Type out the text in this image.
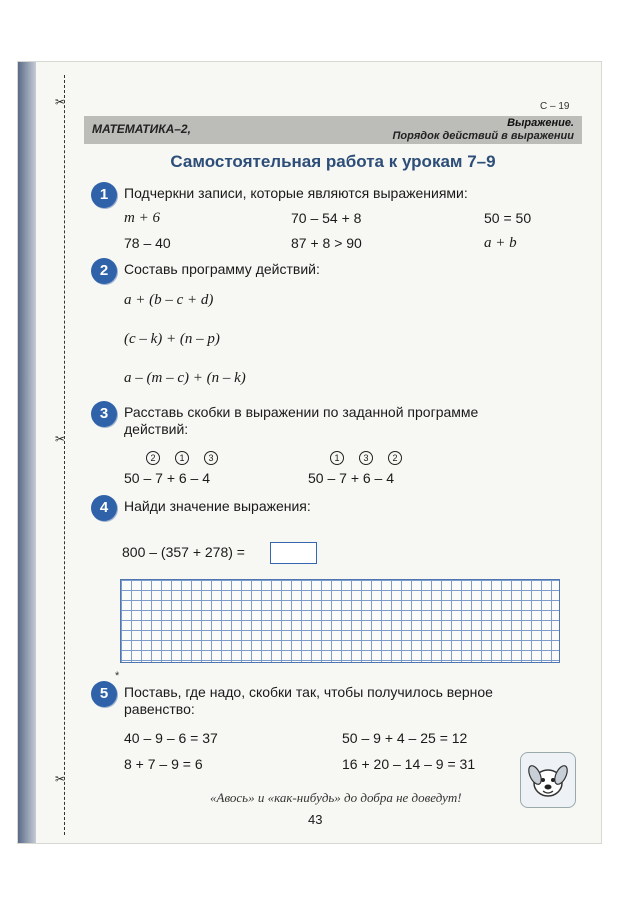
✂
✂
✂
С – 19
МАТЕМАТИКА–2,	Выражение.
Порядок действий в выражении
Самостоятельная работа к урокам 7–9
1	Подчеркни записи, которые являются выражениями:
m + 6	70 – 54 + 8	50 = 50
78 – 40	87 + 8 > 90	a + b
2	Составь программу действий:
a + (b – c + d)
(c – k) + (n – p)
a – (m – c) + (n – k)
3	Расставь скобки в выражении по заданной программе
действий:
2	1	3	1	3	2
50 – 7 + 6 – 4	50 – 7 + 6 – 4
4	Найди значение выражения:
800 – (357 + 278) =
*
5	Поставь, где надо, скобки так, чтобы получилось верное
равенство:
40 – 9 – 6 = 37	50 – 9 + 4 – 25 = 12
8 + 7 – 9 = 6	16 + 20 – 14 – 9 = 31
«Авось» и «как-нибудь» до добра не доведут!
43
